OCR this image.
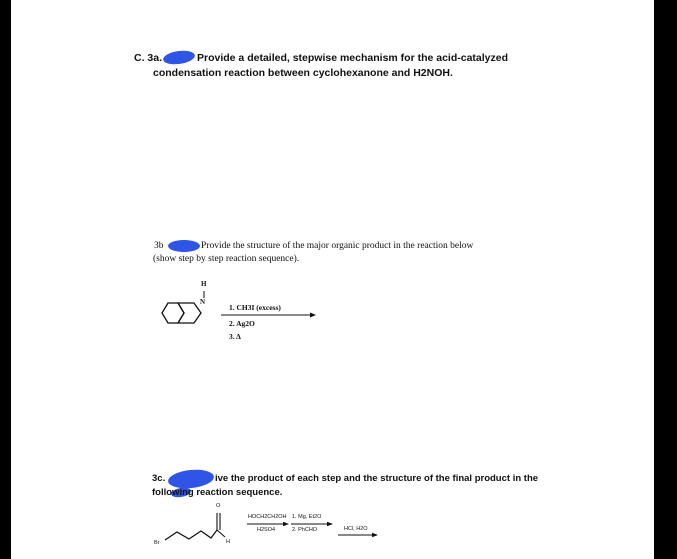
C. 3a.	Provide a detailed, stepwise mechanism for the acid-catalyzed
condensation reaction between cyclohexanone and H2NOH.
3b	Provide the structure of the major organic product in the reaction below
(show step by step reaction sequence).
H
N
1. CH3I (excess)
2. Ag2O
3. Δ
3c.	ive the product of each step and the structure of the final product in the
following reaction sequence.
Br
O
H
HOCH2CH2OH
H2SO4
1. Mg, Et2O
2. PhCHO	HCl, H2O
